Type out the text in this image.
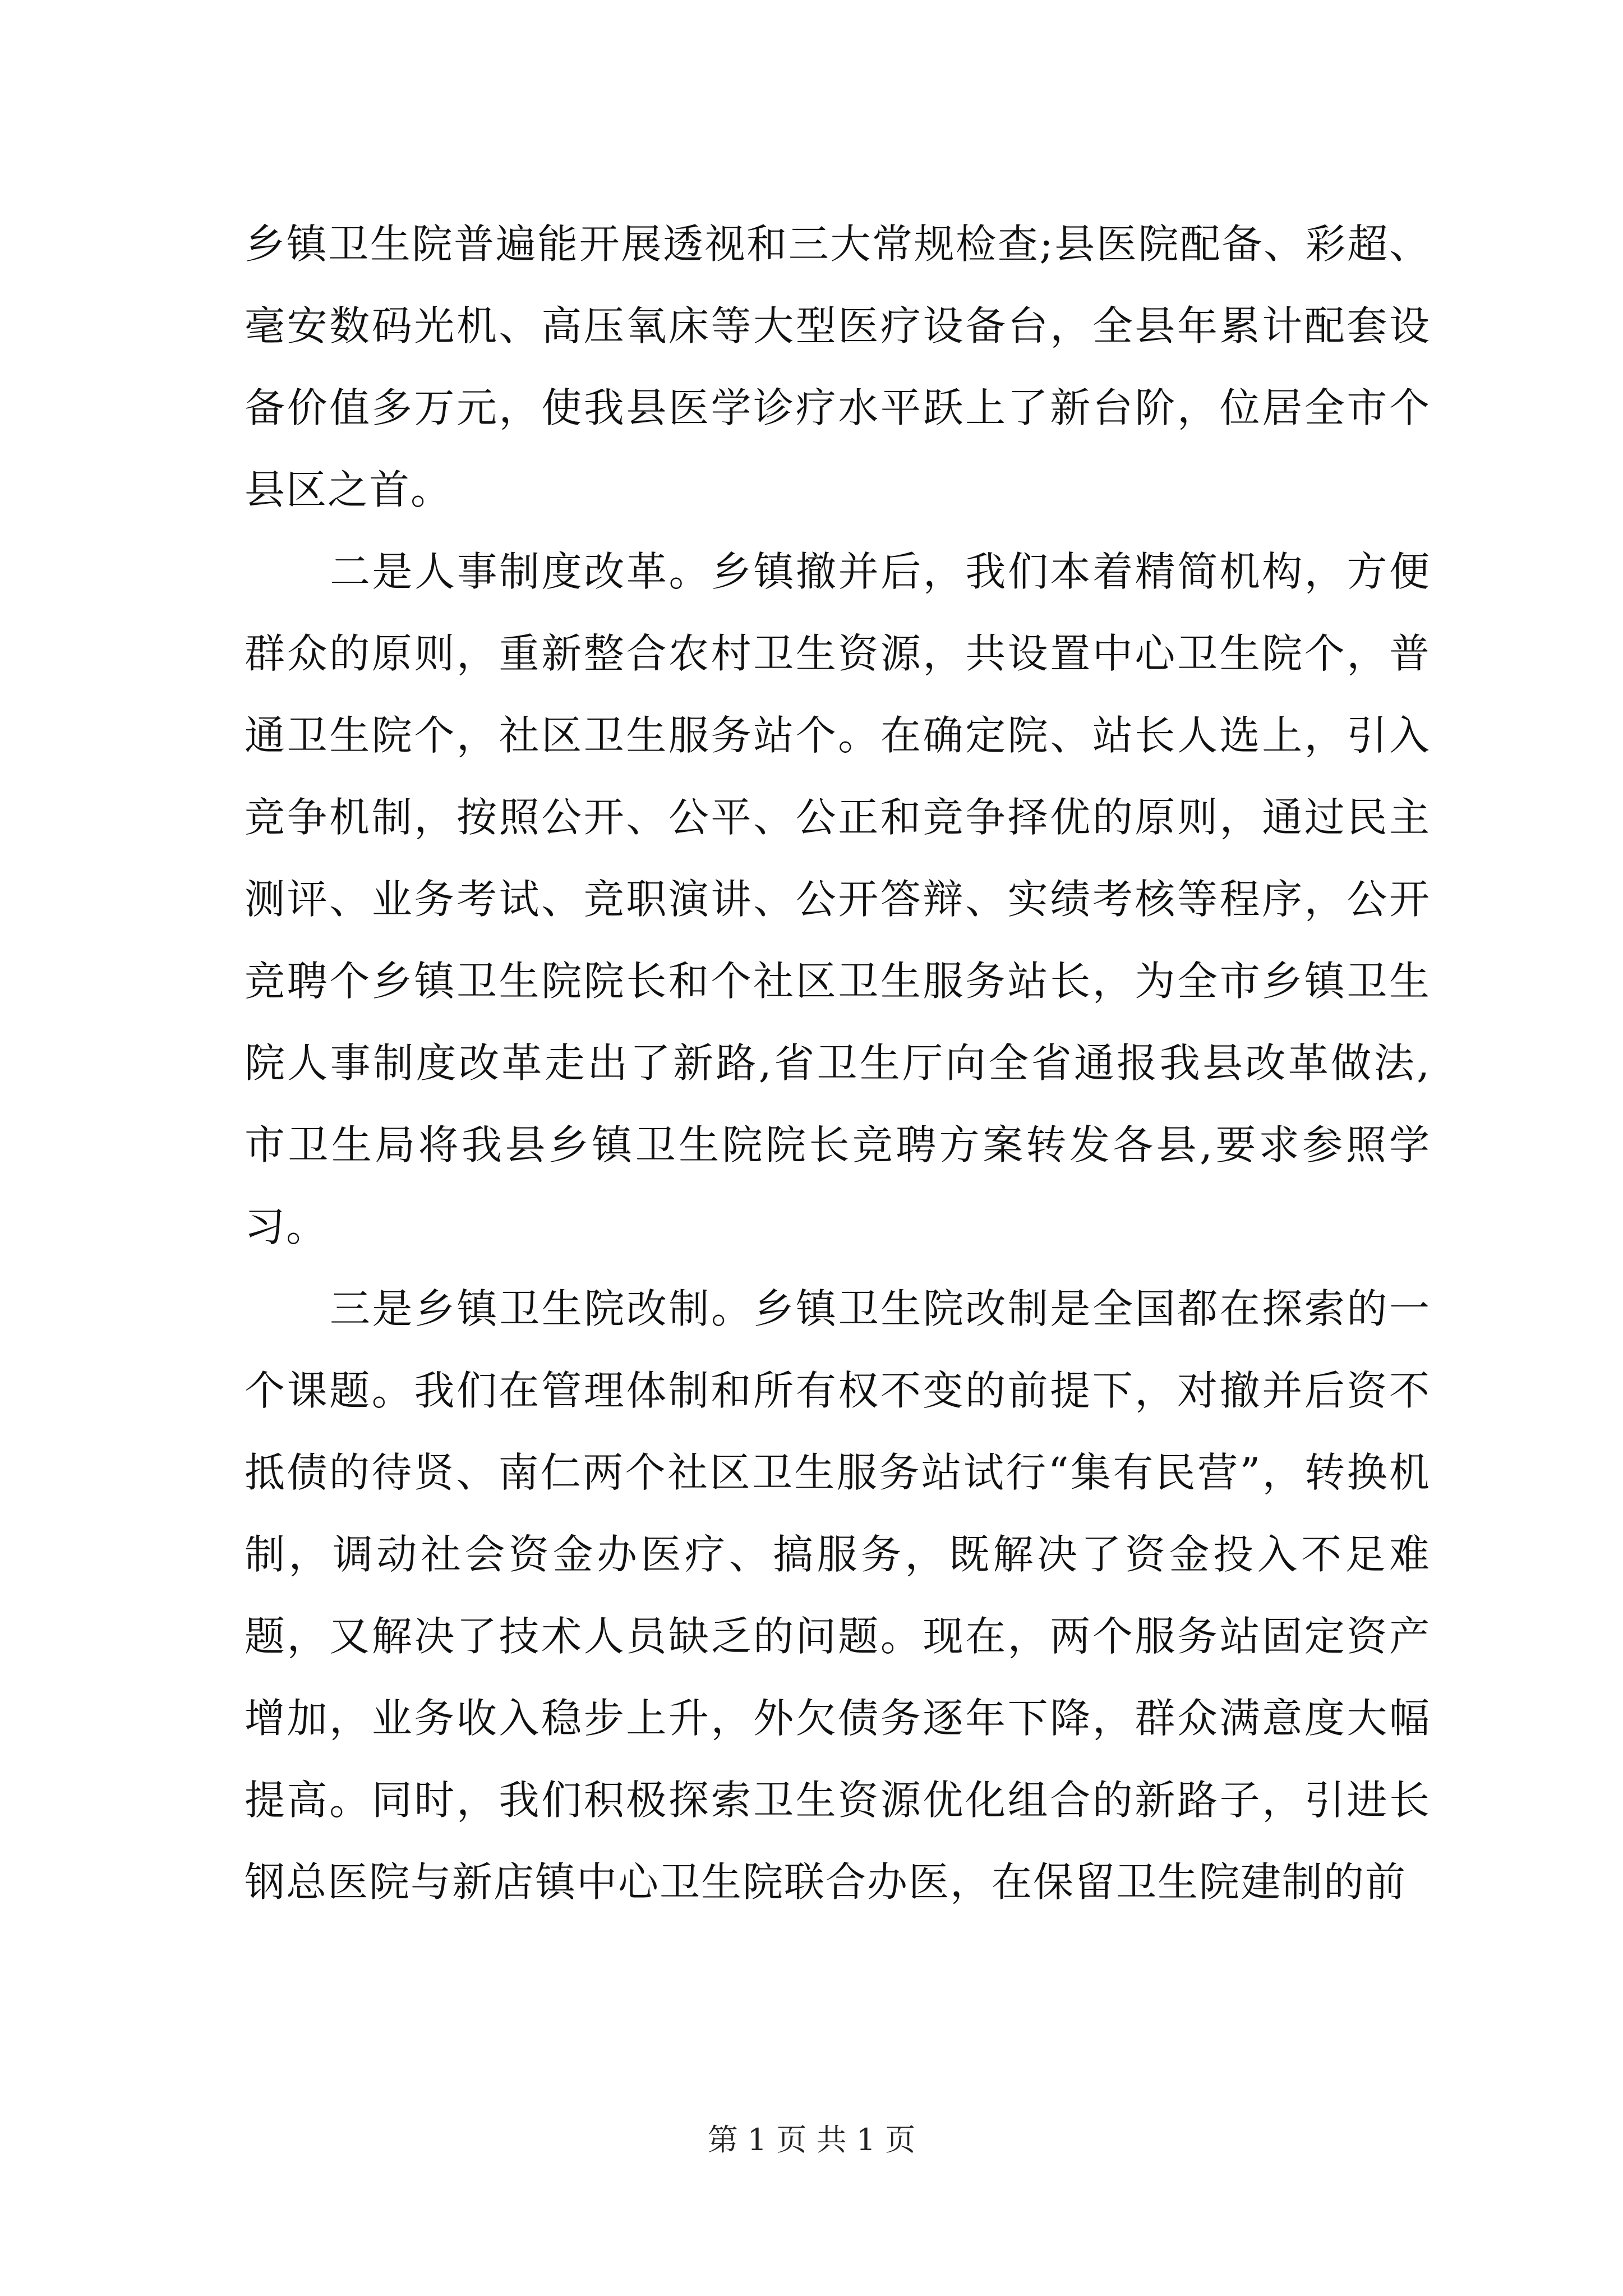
乡镇卫生院普遍能开展透视和三大常规检查;县医院配备、彩超、毫安数码光机、高压氧床等大型医疗设备台，全县年累计配套设备价值多万元，使我县医学诊疗水平跃上了新台阶，位居全市个县区之首。

二是人事制度改革。乡镇撤并后，我们本着精简机构，方便群众的原则，重新整合农村卫生资源，共设置中心卫生院个，普通卫生院个，社区卫生服务站个。在确定院、站长人选上，引入竞争机制，按照公开、公平、公正和竞争择优的原则，通过民主测评、业务考试、竞职演讲、公开答辩、实绩考核等程序，公开竞聘个乡镇卫生院院长和个社区卫生服务站长，为全市乡镇卫生院人事制度改革走出了新路,省卫生厅向全省通报我县改革做法,市卫生局将我县乡镇卫生院院长竞聘方案转发各县,要求参照学习。

三是乡镇卫生院改制。乡镇卫生院改制是全国都在探索的一个课题。我们在管理体制和所有权不变的前提下，对撤并后资不抵债的待贤、南仁两个社区卫生服务站试行“集有民营”，转换机制，调动社会资金办医疗、搞服务，既解决了资金投入不足难题，又解决了技术人员缺乏的问题。现在，两个服务站固定资产增加，业务收入稳步上升，外欠债务逐年下降，群众满意度大幅提高。同时，我们积极探索卫生资源优化组合的新路子，引进长钢总医院与新店镇中心卫生院联合办医，在保留卫生院建制的前

第 1 页 共 1 页
